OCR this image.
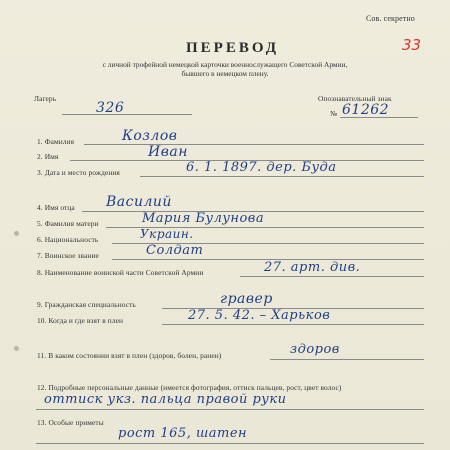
Сов. секретно
33
ПЕРЕВОД
с личной трофейной немецкой карточки военнослужащего Советской Армии,
бывшего в немецком плену.
Лагерь
326
Опознавательный знак
№ 61262
1. Фамилия	Козлов
2. Имя	Иван
3. Дата и место рождения	6. 1. 1897. дер. Буда
4. Имя отца Василий
5. Фамилия матери	Мария Булунова
6. Национальность	Украин.
7. Воинское звание	Солдат
8. Наименование воинской части Советской Армии	27. арт. див.
9. Гражданская специальность	гравер
10. Когда и где взят в плен	27. 5. 42. – Харьков
11. В каком состоянии взят в плен (здоров, болен, ранен)	здоров
12. Подробные персональные данные (имеется фотография, оттиск пальцев, рост, цвет волос)
оттиск укз. пальца правой руки
13. Особые приметы
рост 165, шатен
